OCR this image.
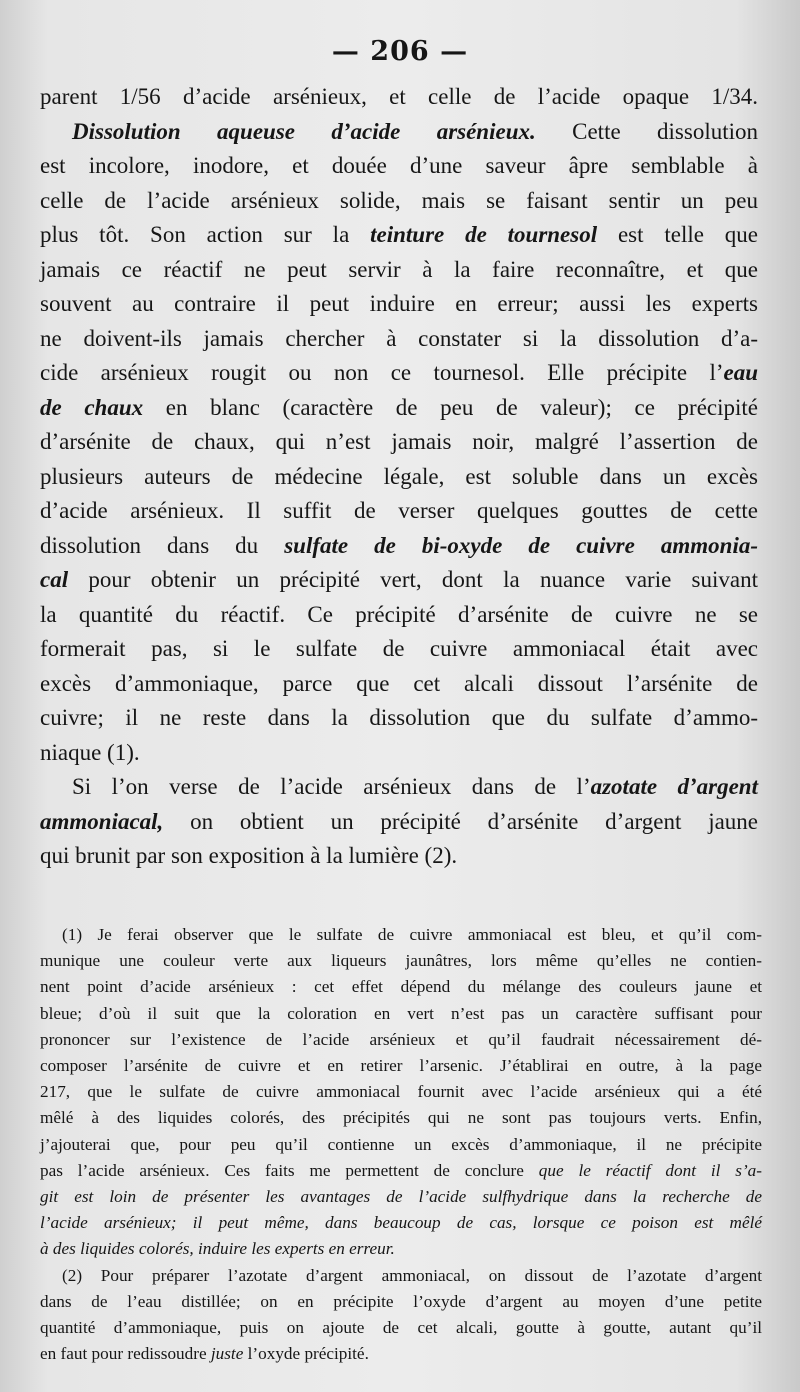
— 206 —
parent 1/56 d’acide arsénieux, et celle de l’acide opaque 1/34.
Dissolution aqueuse d’acide arsénieux. Cette dissolution
est incolore, inodore, et douée d’une saveur âpre semblable à
celle de l’acide arsénieux solide, mais se faisant sentir un peu
plus tôt. Son action sur la teinture de tournesol est telle que
jamais ce réactif ne peut servir à la faire reconnaître, et que
souvent au contraire il peut induire en erreur; aussi les experts
ne doivent-ils jamais chercher à constater si la dissolution d’a-
cide arsénieux rougit ou non ce tournesol. Elle précipite l’eau
de chaux en blanc (caractère de peu de valeur); ce précipité
d’arsénite de chaux, qui n’est jamais noir, malgré l’assertion de
plusieurs auteurs de médecine légale, est soluble dans un excès
d’acide arsénieux. Il suffit de verser quelques gouttes de cette
dissolution dans du sulfate de bi-oxyde de cuivre ammonia-
cal pour obtenir un précipité vert, dont la nuance varie suivant
la quantité du réactif. Ce précipité d’arsénite de cuivre ne se
formerait pas, si le sulfate de cuivre ammoniacal était avec
excès d’ammoniaque, parce que cet alcali dissout l’arsénite de
cuivre; il ne reste dans la dissolution que du sulfate d’ammo-
niaque (1).
Si l’on verse de l’acide arsénieux dans de l’azotate d’argent
ammoniacal, on obtient un précipité d’arsénite d’argent jaune
qui brunit par son exposition à la lumière (2).
(1) Je ferai observer que le sulfate de cuivre ammoniacal est bleu, et qu’il com-
munique une couleur verte aux liqueurs jaunâtres, lors même qu’elles ne contien-
nent point d’acide arsénieux : cet effet dépend du mélange des couleurs jaune et
bleue; d’où il suit que la coloration en vert n’est pas un caractère suffisant pour
prononcer sur l’existence de l’acide arsénieux et qu’il faudrait nécessairement dé-
composer l’arsénite de cuivre et en retirer l’arsenic. J’établirai en outre, à la page
217, que le sulfate de cuivre ammoniacal fournit avec l’acide arsénieux qui a été
mêlé à des liquides colorés, des précipités qui ne sont pas toujours verts. Enfin,
j’ajouterai que, pour peu qu’il contienne un excès d’ammoniaque, il ne précipite
pas l’acide arsénieux. Ces faits me permettent de conclure que le réactif dont il s’a-
git est loin de présenter les avantages de l’acide sulfhydrique dans la recherche de
l’acide arsénieux; il peut même, dans beaucoup de cas, lorsque ce poison est mêlé
à des liquides colorés, induire les experts en erreur.
(2) Pour préparer l’azotate d’argent ammoniacal, on dissout de l’azotate d’argent
dans de l’eau distillée; on en précipite l’oxyde d’argent au moyen d’une petite
quantité d’ammoniaque, puis on ajoute de cet alcali, goutte à goutte, autant qu’il
en faut pour redissoudre juste l’oxyde précipité.
